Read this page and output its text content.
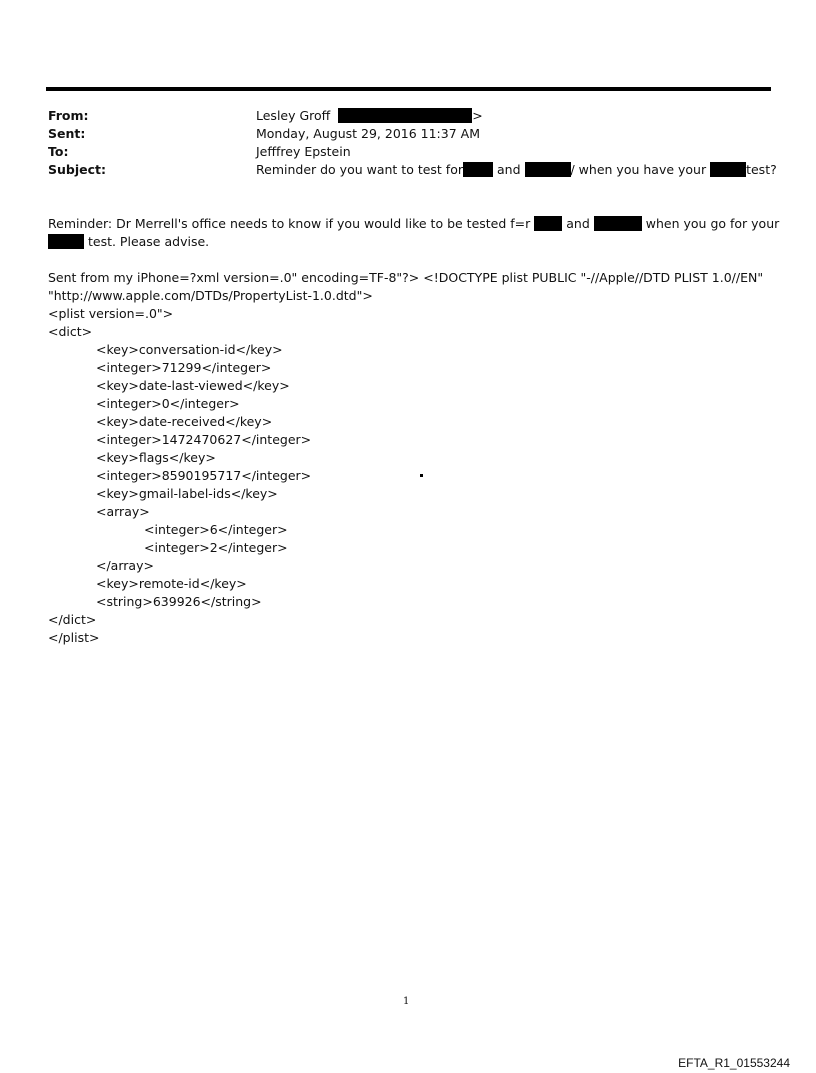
From:	Lesley Groff	>
Sent:	Monday, August 29, 2016 11:37 AM
To:	Jefffrey Epstein
Subject:	Reminder do you want to test for	and	/ when you have your	test?
Reminder: Dr Merrell's office needs to know if you would like to be tested f=r	and	when you go for your
test. Please advise.
Sent from my iPhone=?xml version=.0" encoding=TF-8"?> <!DOCTYPE plist PUBLIC "-//Apple//DTD PLIST 1.0//EN"
"http://www.apple.com/DTDs/PropertyList-1.0.dtd">
<plist version=.0">
<dict>
<key>conversation-id</key>
<integer>71299</integer>
<key>date-last-viewed</key>
<integer>0</integer>
<key>date-received</key>
<integer>1472470627</integer>
<key>flags</key>
<integer>8590195717</integer>
<key>gmail-label-ids</key>
<array>
<integer>6</integer>
<integer>2</integer>
</array>
<key>remote-id</key>
<string>639926</string>
</dict>
</plist>
1
EFTA_R1_01553244
